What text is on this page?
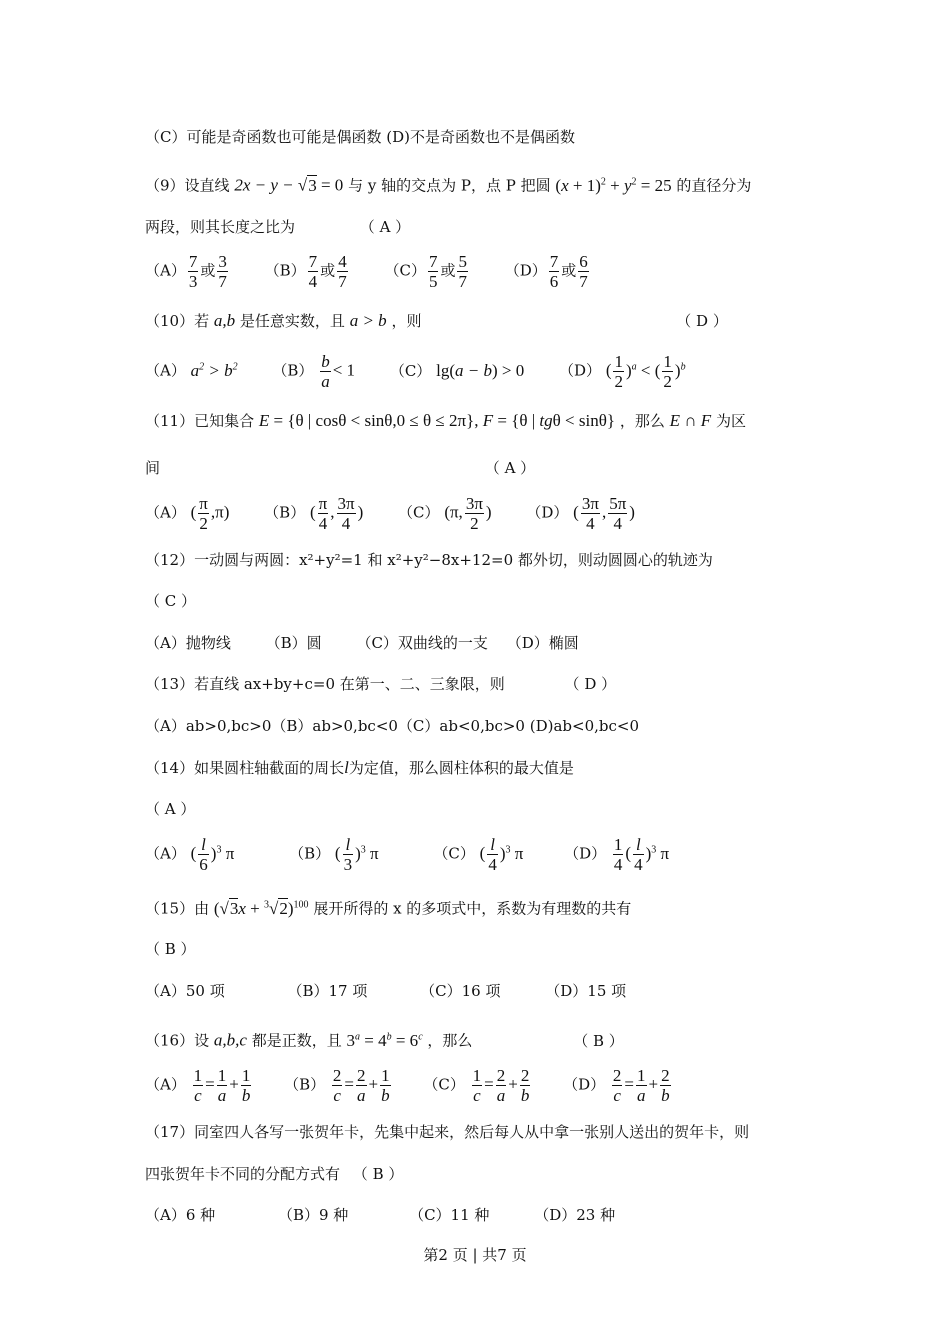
（C）可能是奇函数也可能是偶函数 (D)不是奇函数也不是偶函数
（9）设直线 2x − y − √3 = 0 与 y 轴的交点为 P，点 P 把圆 $(x + 1)^2 + y^2 = 25$ 的直径分为
两段，则其长度之比为	（ A ）
$(A) \frac{7}{3}$ 或 $\frac{3}{7} (B) \frac{7}{4}$ 或 $\frac{4}{7} (C) \frac{7}{5}$ 或 $\frac{5}{7} (D) \frac{7}{6}$ 或 $\frac{6}{7}$
（10）若 a,b 是任意实数，且 a > b ，则	（ D ）
（A） $a^2 > b^2$ $(B) \frac{b}{a} < 1$ （C） lg(a − b) > 0 （D） ( $\frac{1}{2} )^a$ < ( $\frac{1}{2} )^b$
（11）已知集合 E = {θ | cosθ < sinθ,0 ≤ θ ≤ 2π}, F = {θ | tgθ < sinθ} ，那么 E ∩ F 为区
间	（ A ）
（A） ( $\frac{\pi}{2} ,\pi$) （B） ( $\frac{\pi}{4}$ , $\frac{3\pi}{4}$ ) （C） (π, $\frac{3\pi}{2}$ ) （D） ( $\frac{3\pi}{4}$ , $\frac{5\pi}{4}$ )
（12）一动圆与两圆：x²+y²=1 和 x²+y²−8x+12=0 都外切，则动圆圆心的轨迹为
（ C ）
（A）抛物线 （B）圆 （C）双曲线的一支 （D）椭圆
（13）若直线 ax+by+c=0 在第一、二、三象限，则	（ D ）
（A）ab>0,bc>0（B）ab>0,bc<0（C）ab<0,bc>0 (D)ab<0,bc<0
（14）如果圆柱轴截面的周长l为定值，那么圆柱体积的最大值是
（ A ）
（A） ( $\frac{l}{6} )^3$ π	（B） ( $\frac{l}{3} )^3$ π	（C） ( $\frac{l}{4} )^3$ π	$(D) \frac{1}{4}$ ( $\frac{l}{4} )^3$ π
（15）由 $(√3x + ^3√2)^{100}$ 展开所得的 x 的多项式中，系数为有理数的共有
（ B ）
（A）50 项	（B）17 项	（C）16 项	（D）15 项
（16）设 a,b,c 都是正数，且 $3^a = 4^b = 6^c$ ，那么	（ B ）
$(A) \frac{1}{c} = \frac{1}{a} + \frac{1}{b} (B) \frac{2}{c} = \frac{2}{a} + \frac{1}{b} (C) \frac{1}{c} = \frac{2}{a} + \frac{2}{b} (D) \frac{2}{c} = \frac{1}{a} + \frac{2}{b}$
（17）同室四人各写一张贺年卡，先集中起来，然后每人从中拿一张别人送出的贺年卡，则
四张贺年卡不同的分配方式有 （ B ）
（A）6 种	（B）9 种	（C）11 种	（D）23 种
第2 页 | 共7 页
